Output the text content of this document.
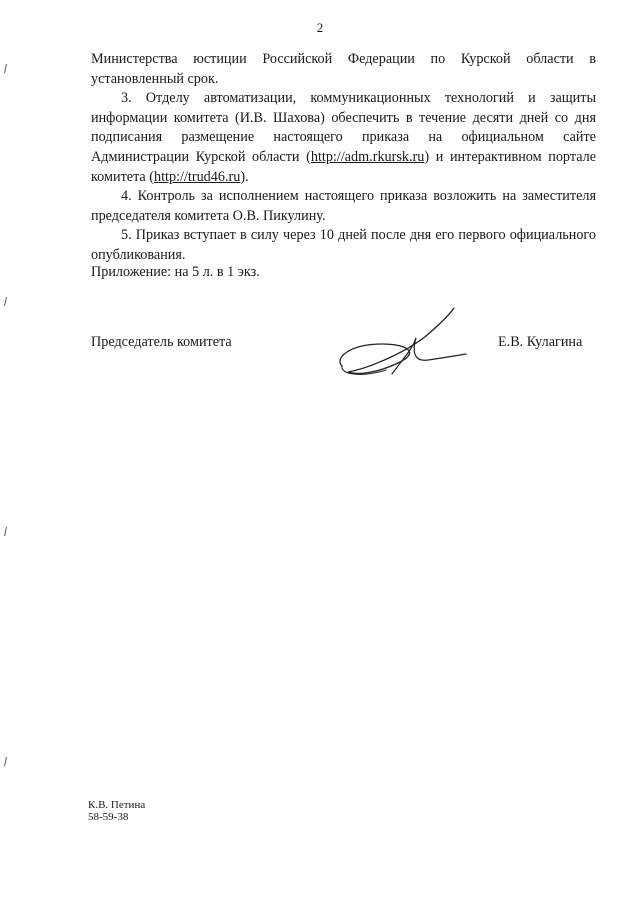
2

Министерства юстиции Российской Федерации по Курской области в установленный срок.

3. Отделу автоматизации, коммуникационных технологий и защиты информации комитета (И.В. Шахова) обеспечить в течение десяти дней со дня подписания размещение настоящего приказа на официальном сайте Администрации Курской области (http://adm.rkursk.ru) и интерактивном портале комитета (http://trud46.ru).

4. Контроль за исполнением настоящего приказа возложить на заместителя председателя комитета О.В. Пикулину.

5. Приказ вступает в силу через 10 дней после дня его первого официального опубликования.

Приложение: на 5 л. в 1 экз.
Председатель комитета	Е.В. Кулагина
К.В. Петина
58-59-38
